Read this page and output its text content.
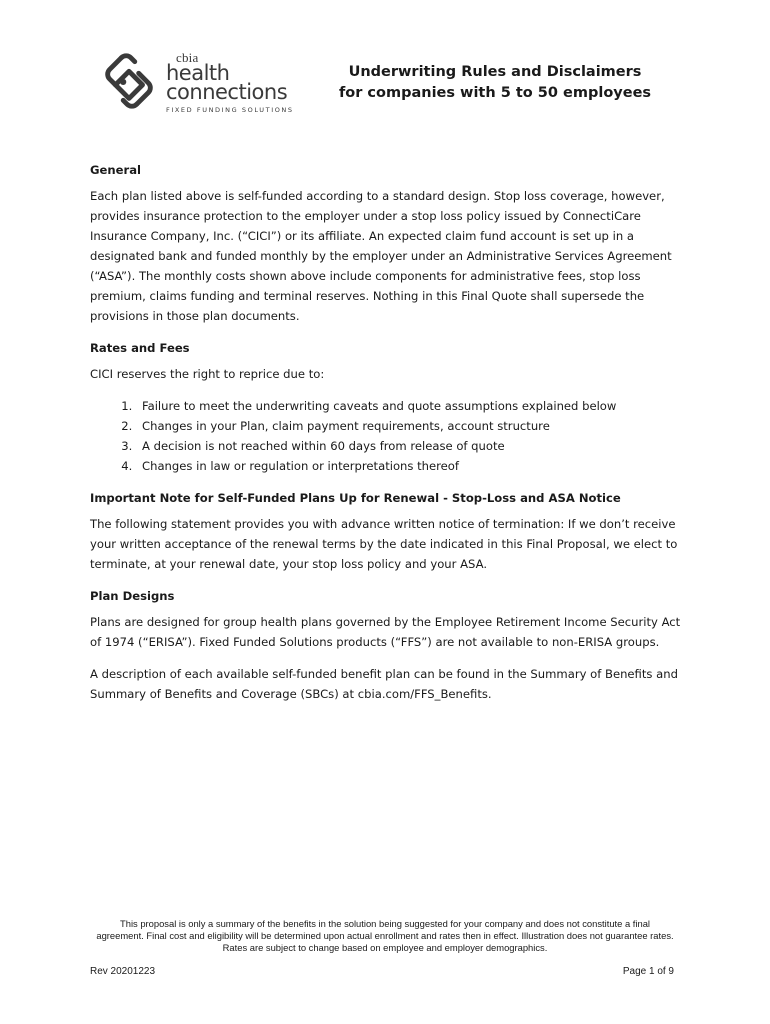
cbia
health
connections
FIXED FUNDING SOLUTIONS
Underwriting Rules and Disclaimers
for companies with 5 to 50 employees

General

Each plan listed above is self-funded according to a standard design. Stop loss coverage, however, provides insurance protection to the employer under a stop loss policy issued by ConnectiCare Insurance Company, Inc. (“CICI”) or its affiliate. An expected claim fund account is set up in a designated bank and funded monthly by the employer under an Administrative Services Agreement (“ASA”). The monthly costs shown above include components for administrative fees, stop loss premium, claims funding and terminal reserves. Nothing in this Final Quote shall supersede the provisions in those plan documents.

Rates and Fees

CICI reserves the right to reprice due to:

1. Failure to meet the underwriting caveats and quote assumptions explained below
2. Changes in your Plan, claim payment requirements, account structure
3. A decision is not reached within 60 days from release of quote
4. Changes in law or regulation or interpretations thereof

Important Note for Self-Funded Plans Up for Renewal - Stop-Loss and ASA Notice

The following statement provides you with advance written notice of termination: If we don’t receive your written acceptance of the renewal terms by the date indicated in this Final Proposal, we elect to terminate, at your renewal date, your stop loss policy and your ASA.

Plan Designs

Plans are designed for group health plans governed by the Employee Retirement Income Security Act of 1974 (“ERISA”). Fixed Funded Solutions products (“FFS”) are not available to non-ERISA groups.

A description of each available self-funded benefit plan can be found in the Summary of Benefits and Summary of Benefits and Coverage (SBCs) at cbia.com/FFS_Benefits.

This proposal is only a summary of the benefits in the solution being suggested for your company and does not constitute a final agreement. Final cost and eligibility will be determined upon actual enrollment and rates then in effect. Illustration does not guarantee rates. Rates are subject to change based on employee and employer demographics.
Rev 20201223	Page 1 of 9
